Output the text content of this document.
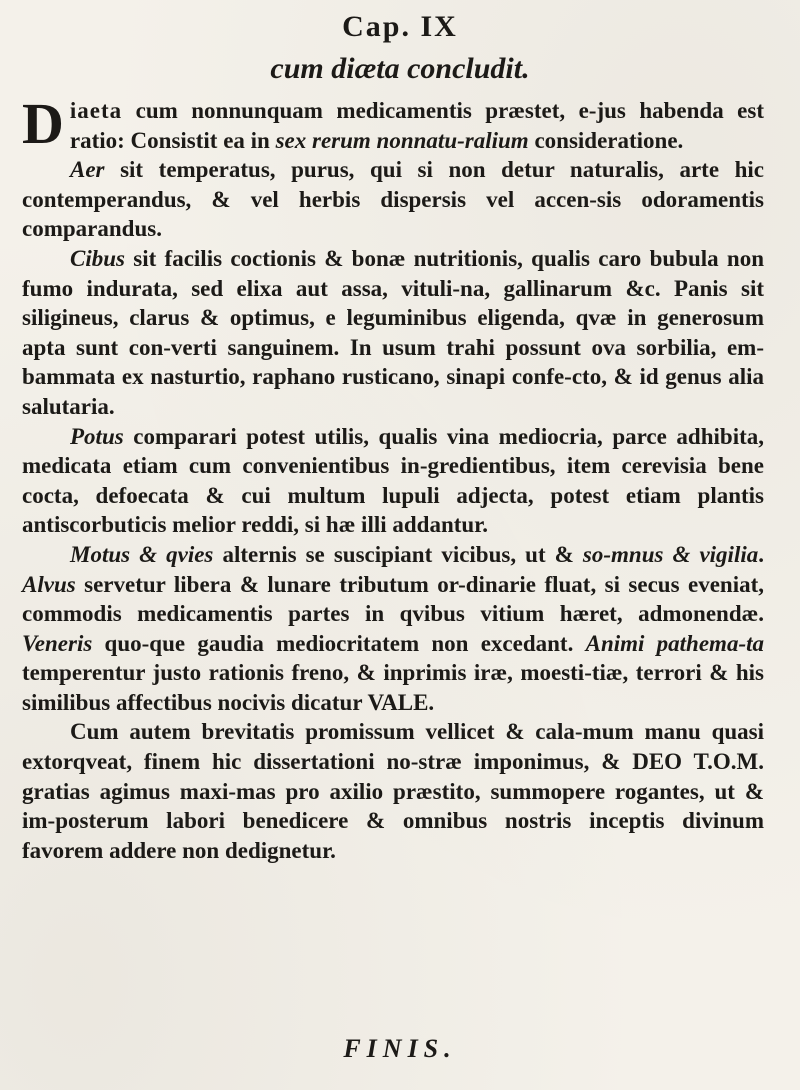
Cap. IX
cum diæta concludit.

Diaeta cum nonnunquam medicamentis præstet, e-jus habenda est ratio: Consistit ea in sex rerum nonnatu-ralium consideratione.

Aer sit temperatus, purus, qui si non detur naturalis, arte hic contemperandus, & vel herbis dispersis vel accen-sis odoramentis comparandus.

Cibus sit facilis coctionis & bonæ nutritionis, qualis caro bubula non fumo indurata, sed elixa aut assa, vituli-na, gallinarum &c. Panis sit siligineus, clarus & optimus, e leguminibus eligenda, qvæ in generosum apta sunt con-verti sanguinem. In usum trahi possunt ova sorbilia, em-bammata ex nasturtio, raphano rusticano, sinapi confe-cto, & id genus alia salutaria.

Potus comparari potest utilis, qualis vina mediocria, parce adhibita, medicata etiam cum convenientibus in-gredientibus, item cerevisia bene cocta, defoecata & cui multum lupuli adjecta, potest etiam plantis antiscorbuticis melior reddi, si hæ illi addantur.

Motus & qvies alternis se suscipiant vicibus, ut & so-mnus & vigilia. Alvus servetur libera & lunare tributum or-dinarie fluat, si secus eveniat, commodis medicamentis partes in qvibus vitium hæret, admonendæ. Veneris quo-que gaudia mediocritatem non excedant. Animi pathema-ta temperentur justo rationis freno, & inprimis iræ, moesti-tiæ, terrori & his similibus affectibus nocivis dicatur VALE.

Cum autem brevitatis promissum vellicet & cala-mum manu quasi extorqveat, finem hic dissertationi no-stræ imponimus, & DEO T.O.M. gratias agimus maxi-mas pro axilio præstito, summopere rogantes, ut & im-posterum labori benedicere & omnibus nostris inceptis divinum favorem addere non dedignetur.

FINIS.
